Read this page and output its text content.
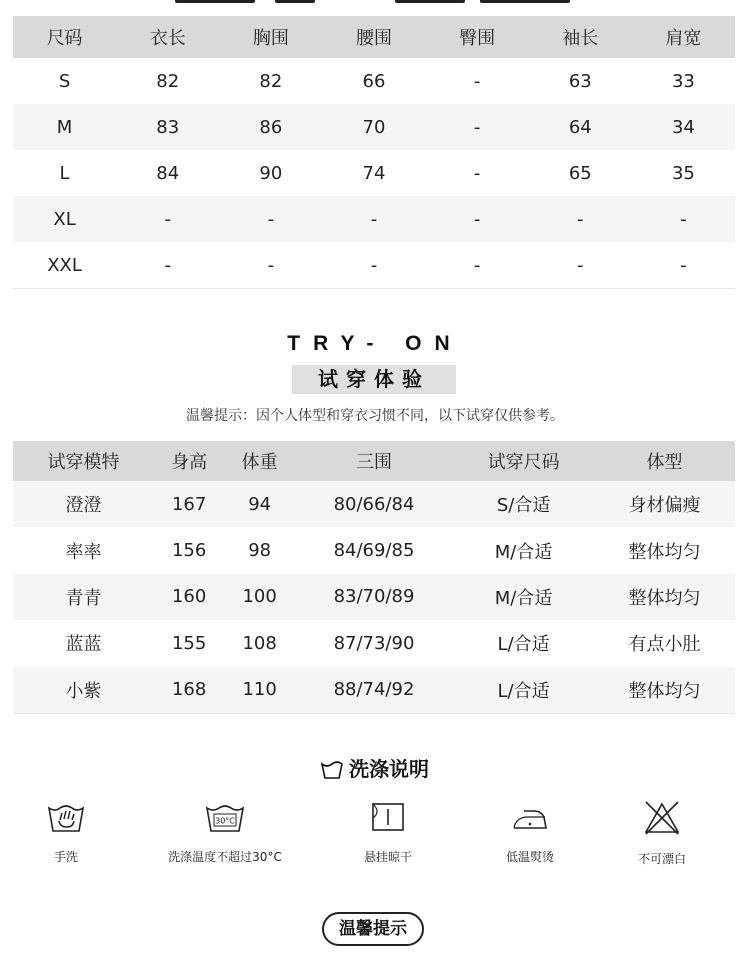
尺码	衣长	胸围	腰围	臀围	袖长	肩宽
S	82	82	66	-	63	33
M	83	86	70	-	64	34
L	84	90	74	-	65	35
XL	-	-	-	-	-	-
XXL	-	-	-	-	-	-
TRY- ON
试穿体验
温馨提示：因个人体型和穿衣习惯不同，以下试穿仅供参考。
试穿模特	身高	体重	三围	试穿尺码	体型
澄澄	167	94	80/66/84	S/合适	身材偏瘦
率率	156	98	84/69/85	M/合适	整体均匀
青青	160	100	83/70/89	M/合适	整体均匀
蓝蓝	155	108	87/73/90	L/合适	有点小肚
小紫	168	110	88/74/92	L/合适	整体均匀
洗涤说明
手洗
30°C
洗涤温度不超过30°C	悬挂晾干	低温熨烫	不可漂白
温馨提示
